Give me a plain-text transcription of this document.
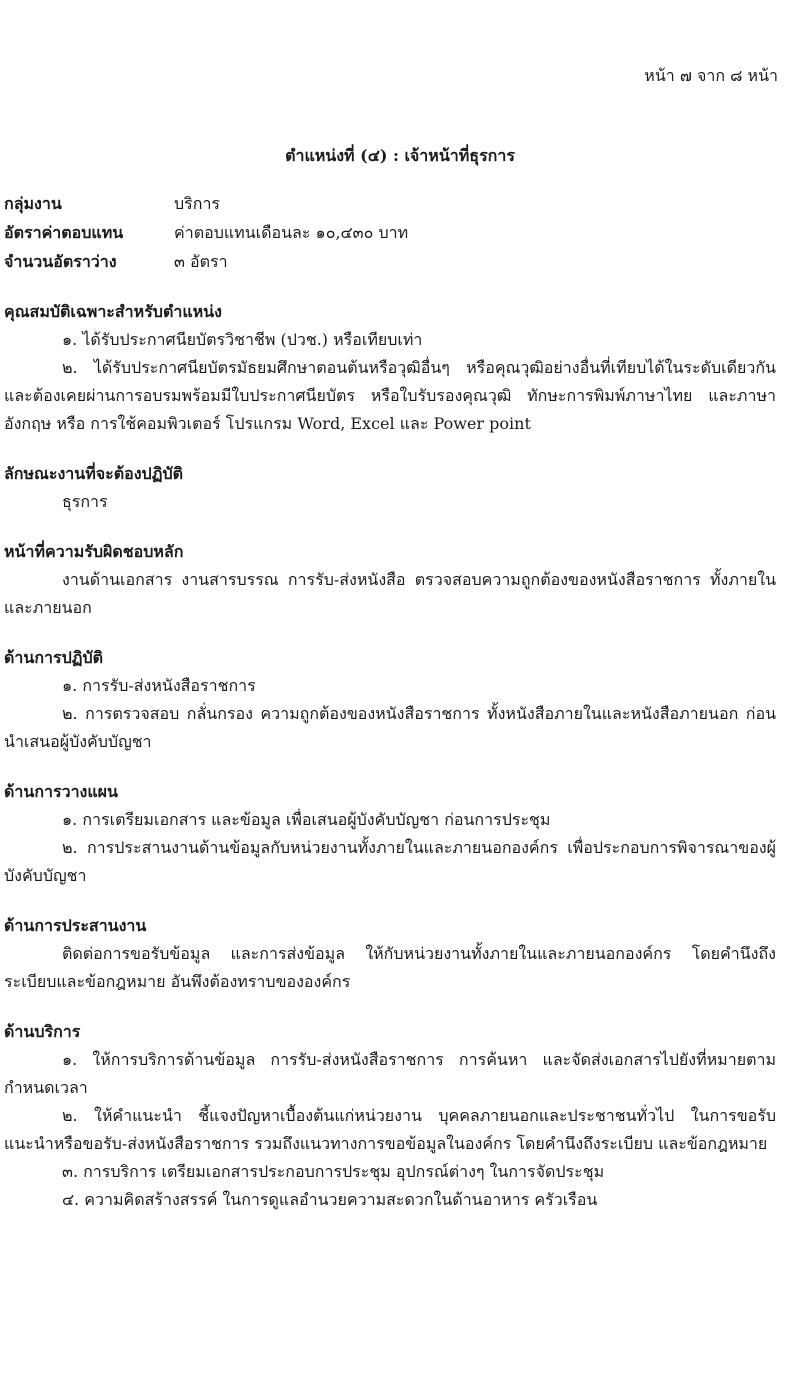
หน้า ๗ จาก ๘ หน้า
ตำแหน่งที่ (๔) : เจ้าหน้าที่ธุรการ
กลุ่มงาน	บริการ
อัตราค่าตอบแทน	ค่าตอบแทนเดือนละ ๑๐,๔๓๐ บาท
จำนวนอัตราว่าง	๓ อัตรา
คุณสมบัติเฉพาะสำหรับตำแหน่ง
๑. ได้รับประกาศนียบัตรวิชาชีพ (ปวช.) หรือเทียบเท่า
๒. ได้รับประกาศนียบัตรมัธยมศึกษาตอนต้นหรือวุฒิอื่นๆ หรือคุณวุฒิอย่างอื่นที่เทียบได้ในระดับเดียวกัน และต้องเคยผ่านการอบรมพร้อมมีใบประกาศนียบัตร หรือใบรับรองคุณวุฒิ ทักษะการพิมพ์ภาษาไทย และภาษาอังกฤษ หรือ การใช้คอมพิวเตอร์ โปรแกรม Word, Excel และ Power point
ลักษณะงานที่จะต้องปฏิบัติ
ธุรการ
หน้าที่ความรับผิดชอบหลัก
งานด้านเอกสาร งานสารบรรณ การรับ-ส่งหนังสือ ตรวจสอบความถูกต้องของหนังสือราชการ ทั้งภายในและภายนอก
ด้านการปฏิบัติ
๑. การรับ-ส่งหนังสือราชการ
๒. การตรวจสอบ กลั่นกรอง ความถูกต้องของหนังสือราชการ ทั้งหนังสือภายในและหนังสือภายนอก ก่อนนำเสนอผู้บังคับบัญชา
ด้านการวางแผน
๑. การเตรียมเอกสาร และข้อมูล เพื่อเสนอผู้บังคับบัญชา ก่อนการประชุม
๒. การประสานงานด้านข้อมูลกับหน่วยงานทั้งภายในและภายนอกองค์กร เพื่อประกอบการพิจารณาของผู้บังคับบัญชา
ด้านการประสานงาน
ติดต่อการขอรับข้อมูล และการส่งข้อมูล ให้กับหน่วยงานทั้งภายในและภายนอกองค์กร โดยคำนึงถึงระเบียบและข้อกฎหมาย อันพึงต้องทราบขององค์กร
ด้านบริการ
๑. ให้การบริการด้านข้อมูล การรับ-ส่งหนังสือราชการ การค้นหา และจัดส่งเอกสารไปยังที่หมายตามกำหนดเวลา
๒. ให้คำแนะนำ ชี้แจงปัญหาเบื้องต้นแก่หน่วยงาน บุคคลภายนอกและประชาชนทั่วไป ในการขอรับแนะนำหรือขอรับ-ส่งหนังสือราชการ รวมถึงแนวทางการขอข้อมูลในองค์กร โดยคำนึงถึงระเบียบ และข้อกฎหมาย
๓. การบริการ เตรียมเอกสารประกอบการประชุม อุปกรณ์ต่างๆ ในการจัดประชุม
๔. ความคิดสร้างสรรค์ ในการดูแลอำนวยความสะดวกในด้านอาหาร ครัวเรือน
